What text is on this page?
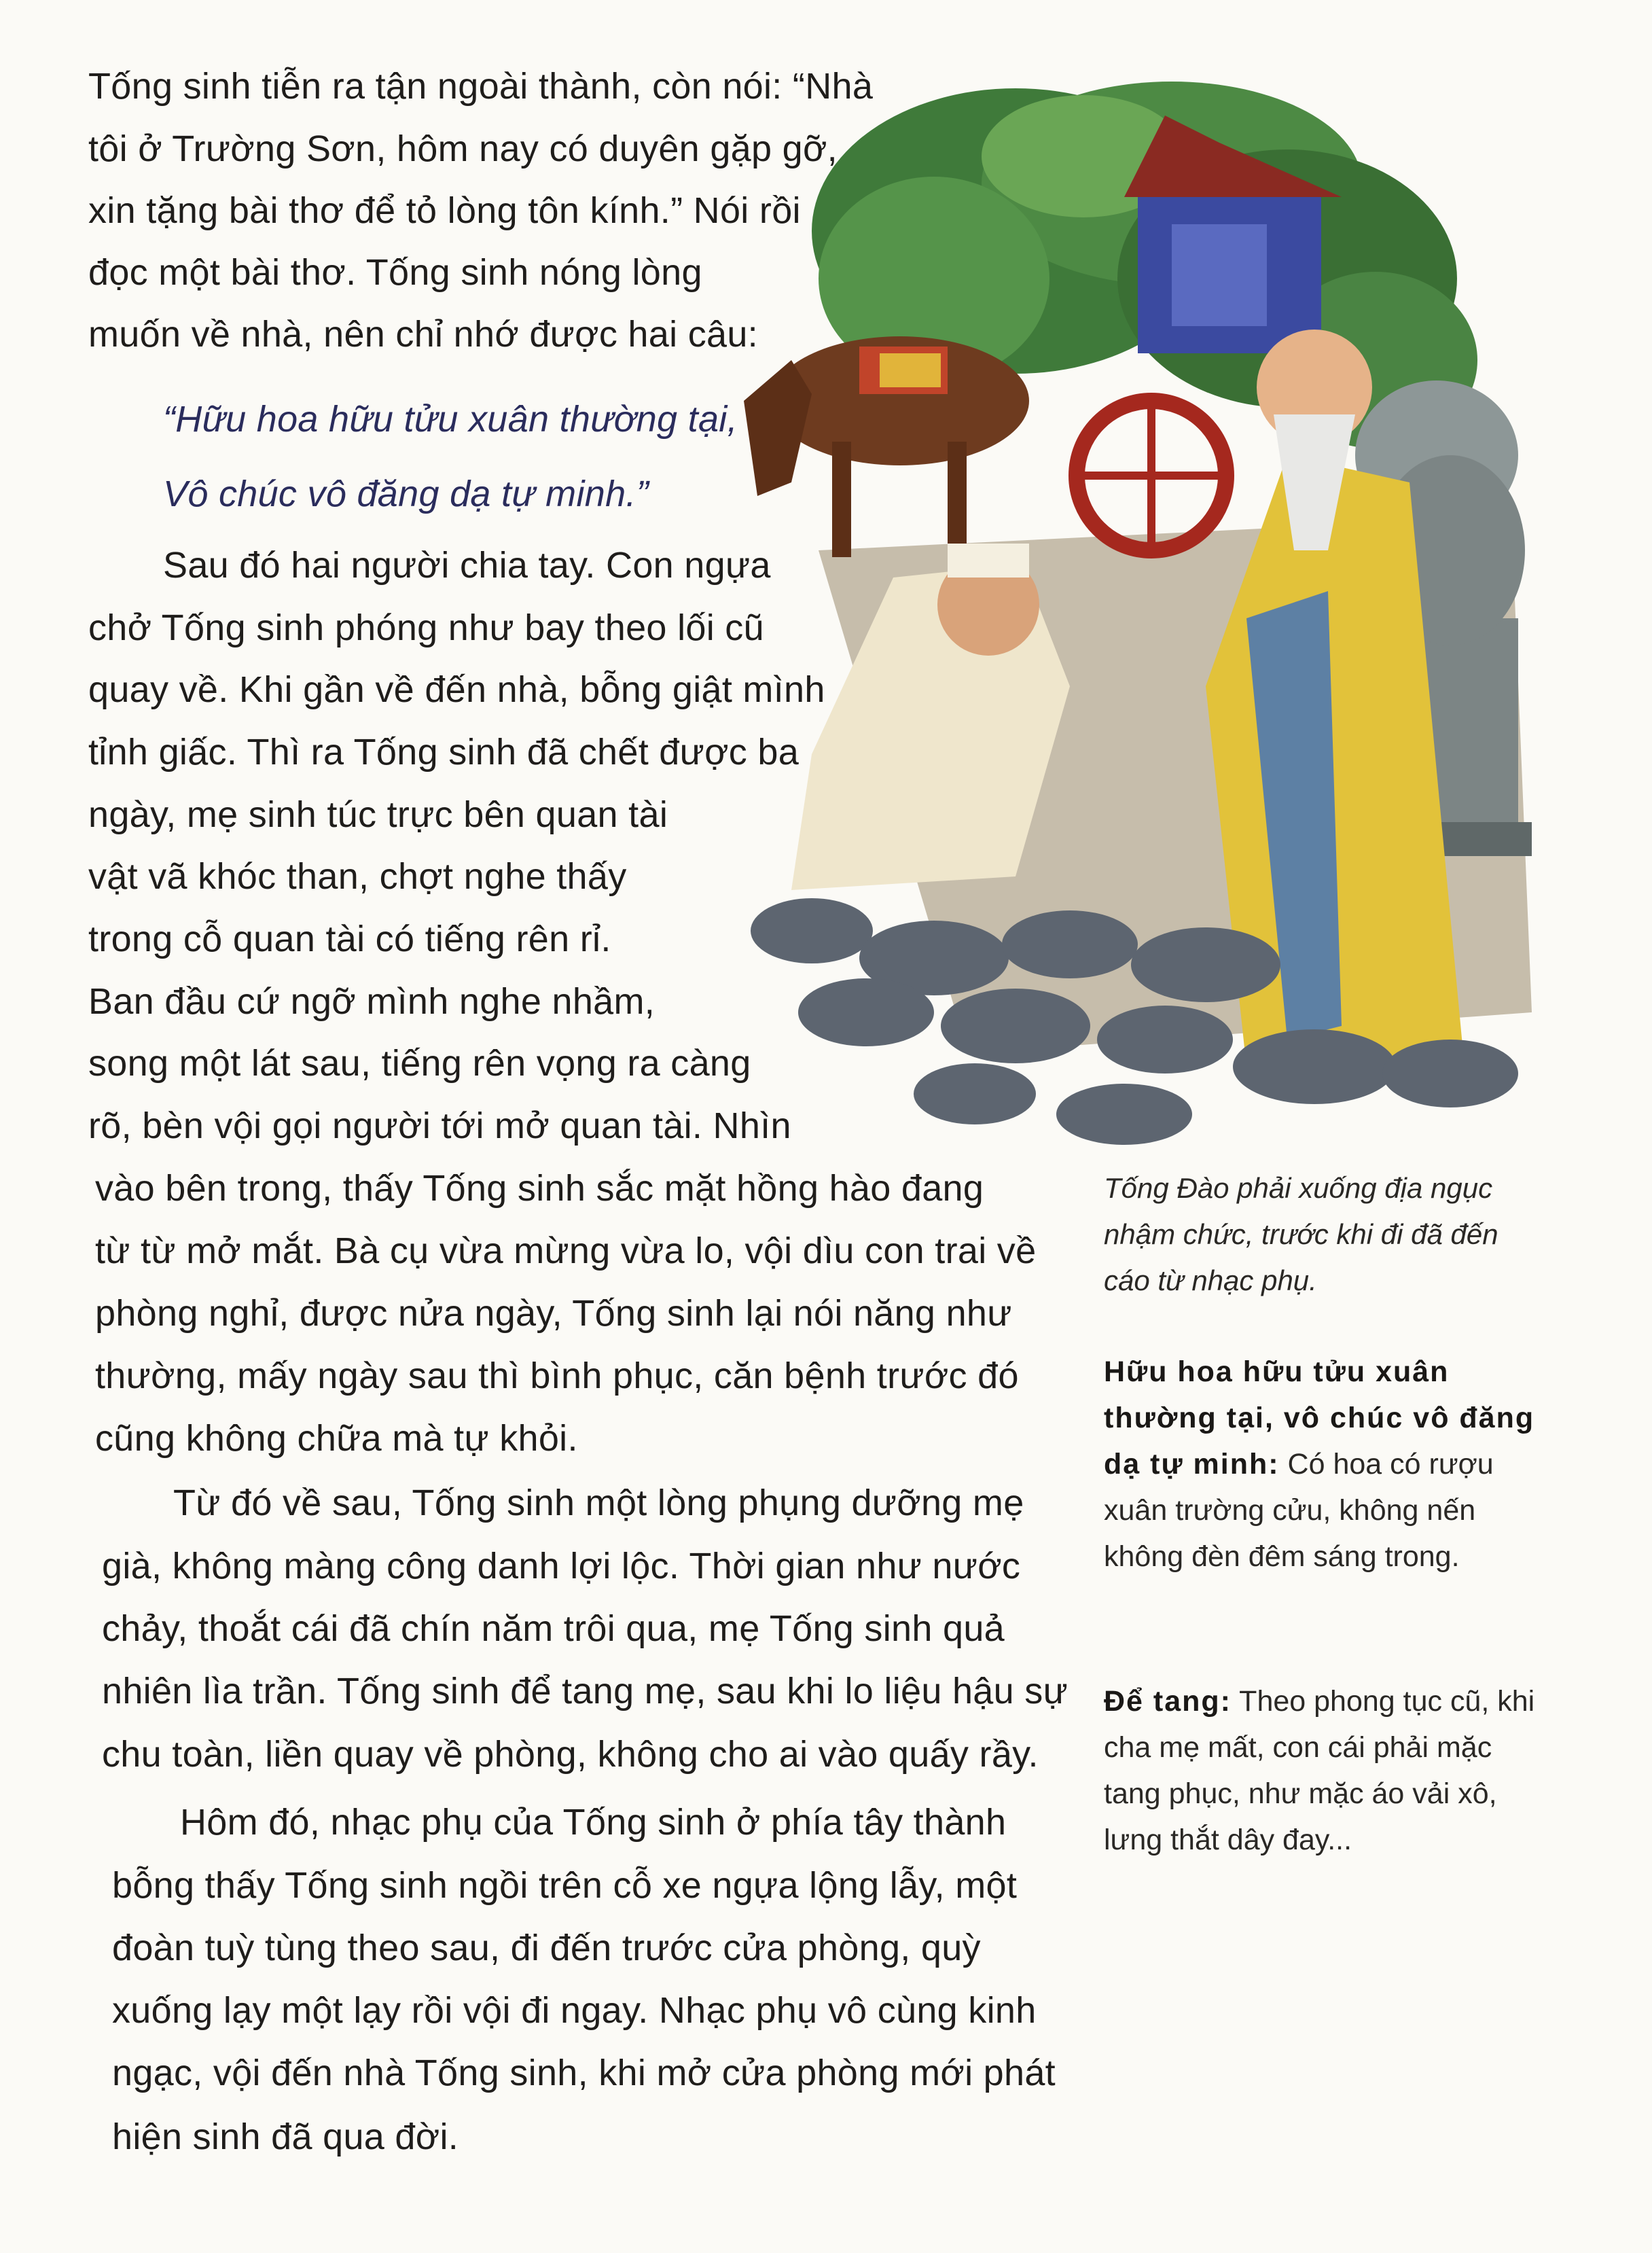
Tống sinh tiễn ra tận ngoài thành, còn nói: “Nhà
tôi ở Trường Sơn, hôm nay có duyên gặp gỡ,
xin tặng bài thơ để tỏ lòng tôn kính.” Nói rồi
đọc một bài thơ. Tống sinh nóng lòng
muốn về nhà, nên chỉ nhớ được hai câu:
“Hữu hoa hữu tửu xuân thường tại,
Vô chúc vô đăng dạ tự minh.”
Sau đó hai người chia tay. Con ngựa
chở Tống sinh phóng như bay theo lối cũ
quay về. Khi gần về đến nhà, bỗng giật mình
tỉnh giấc. Thì ra Tống sinh đã chết được ba
ngày, mẹ sinh túc trực bên quan tài
vật vã khóc than, chợt nghe thấy
trong cỗ quan tài có tiếng rên rỉ.
Ban đầu cứ ngỡ mình nghe nhầm,
song một lát sau, tiếng rên vọng ra càng
rõ, bèn vội gọi người tới mở quan tài. Nhìn
vào bên trong, thấy Tống sinh sắc mặt hồng hào đang
từ từ mở mắt. Bà cụ vừa mừng vừa lo, vội dìu con trai về
phòng nghỉ, được nửa ngày, Tống sinh lại nói năng như
thường, mấy ngày sau thì bình phục, căn bệnh trước đó
cũng không chữa mà tự khỏi.
Từ đó về sau, Tống sinh một lòng phụng dưỡng mẹ
già, không màng công danh lợi lộc. Thời gian như nước
chảy, thoắt cái đã chín năm trôi qua, mẹ Tống sinh quả
nhiên lìa trần. Tống sinh để tang mẹ, sau khi lo liệu hậu sự
chu toàn, liền quay về phòng, không cho ai vào quấy rầy.
Hôm đó, nhạc phụ của Tống sinh ở phía tây thành
bỗng thấy Tống sinh ngồi trên cỗ xe ngựa lộng lẫy, một
đoàn tuỳ tùng theo sau, đi đến trước cửa phòng, quỳ
xuống lạy một lạy rồi vội đi ngay. Nhạc phụ vô cùng kinh
ngạc, vội đến nhà Tống sinh, khi mở cửa phòng mới phát
hiện sinh đã qua đời.
Tống Đào phải xuống địa ngục nhậm chức, trước khi đi đã đến cáo từ nhạc phụ.
Hữu hoa hữu tửu xuân thường tại, vô chúc vô đăng dạ tự minh: Có hoa có rượu xuân trường cửu, không nến không đèn đêm sáng trong.
Để tang: Theo phong tục cũ, khi cha mẹ mất, con cái phải mặc tang phục, như mặc áo vải xô, lưng thắt dây đay...
